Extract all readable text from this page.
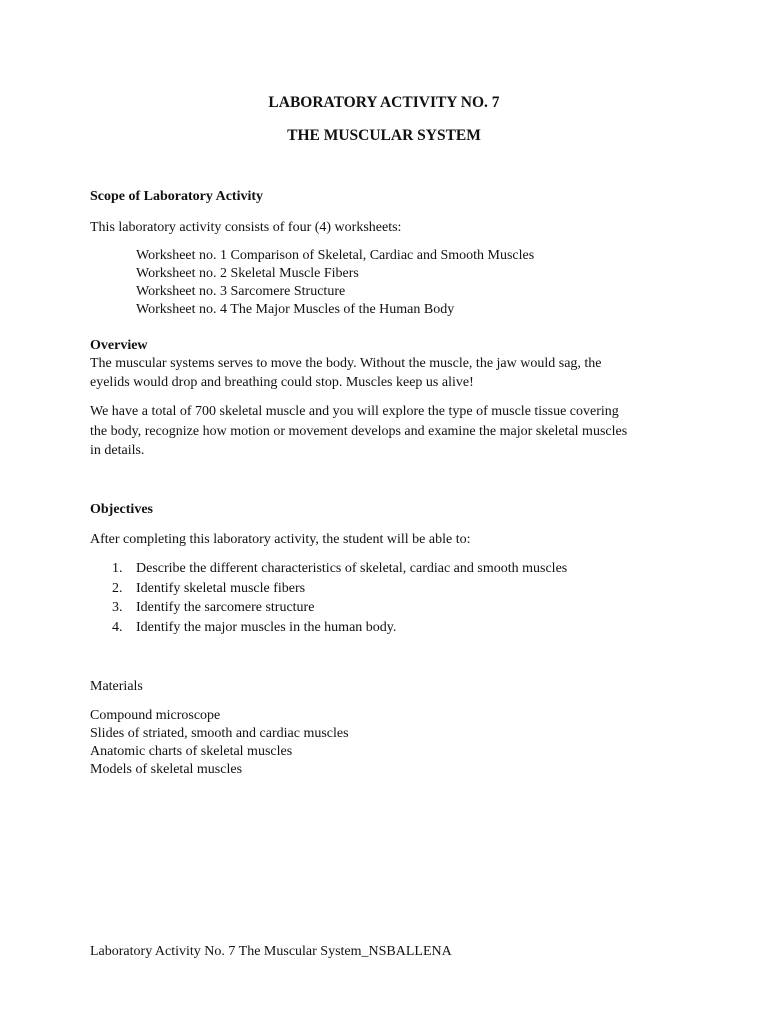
LABORATORY ACTIVITY NO. 7
THE MUSCULAR SYSTEM
Scope of Laboratory Activity
This laboratory activity consists of four (4) worksheets:
Worksheet no. 1 Comparison of Skeletal, Cardiac and Smooth Muscles
Worksheet no. 2 Skeletal Muscle Fibers
Worksheet no. 3 Sarcomere Structure
Worksheet no. 4 The Major Muscles of the Human Body
Overview
The muscular systems serves to move the body. Without the muscle, the jaw would sag, the
eyelids would drop and breathing could stop. Muscles keep us alive!
We have a total of 700 skeletal muscle and you will explore the type of muscle tissue covering
the body, recognize how motion or movement develops and examine the major skeletal muscles
in details.
Objectives
After completing this laboratory activity, the student will be able to:
1. Describe the different characteristics of skeletal, cardiac and smooth muscles
2. Identify skeletal muscle fibers
3. Identify the sarcomere structure
4. Identify the major muscles in the human body.
Materials
Compound microscope
Slides of striated, smooth and cardiac muscles
Anatomic charts of skeletal muscles
Models of skeletal muscles
Laboratory Activity No. 7 The Muscular System_NSBALLENA
